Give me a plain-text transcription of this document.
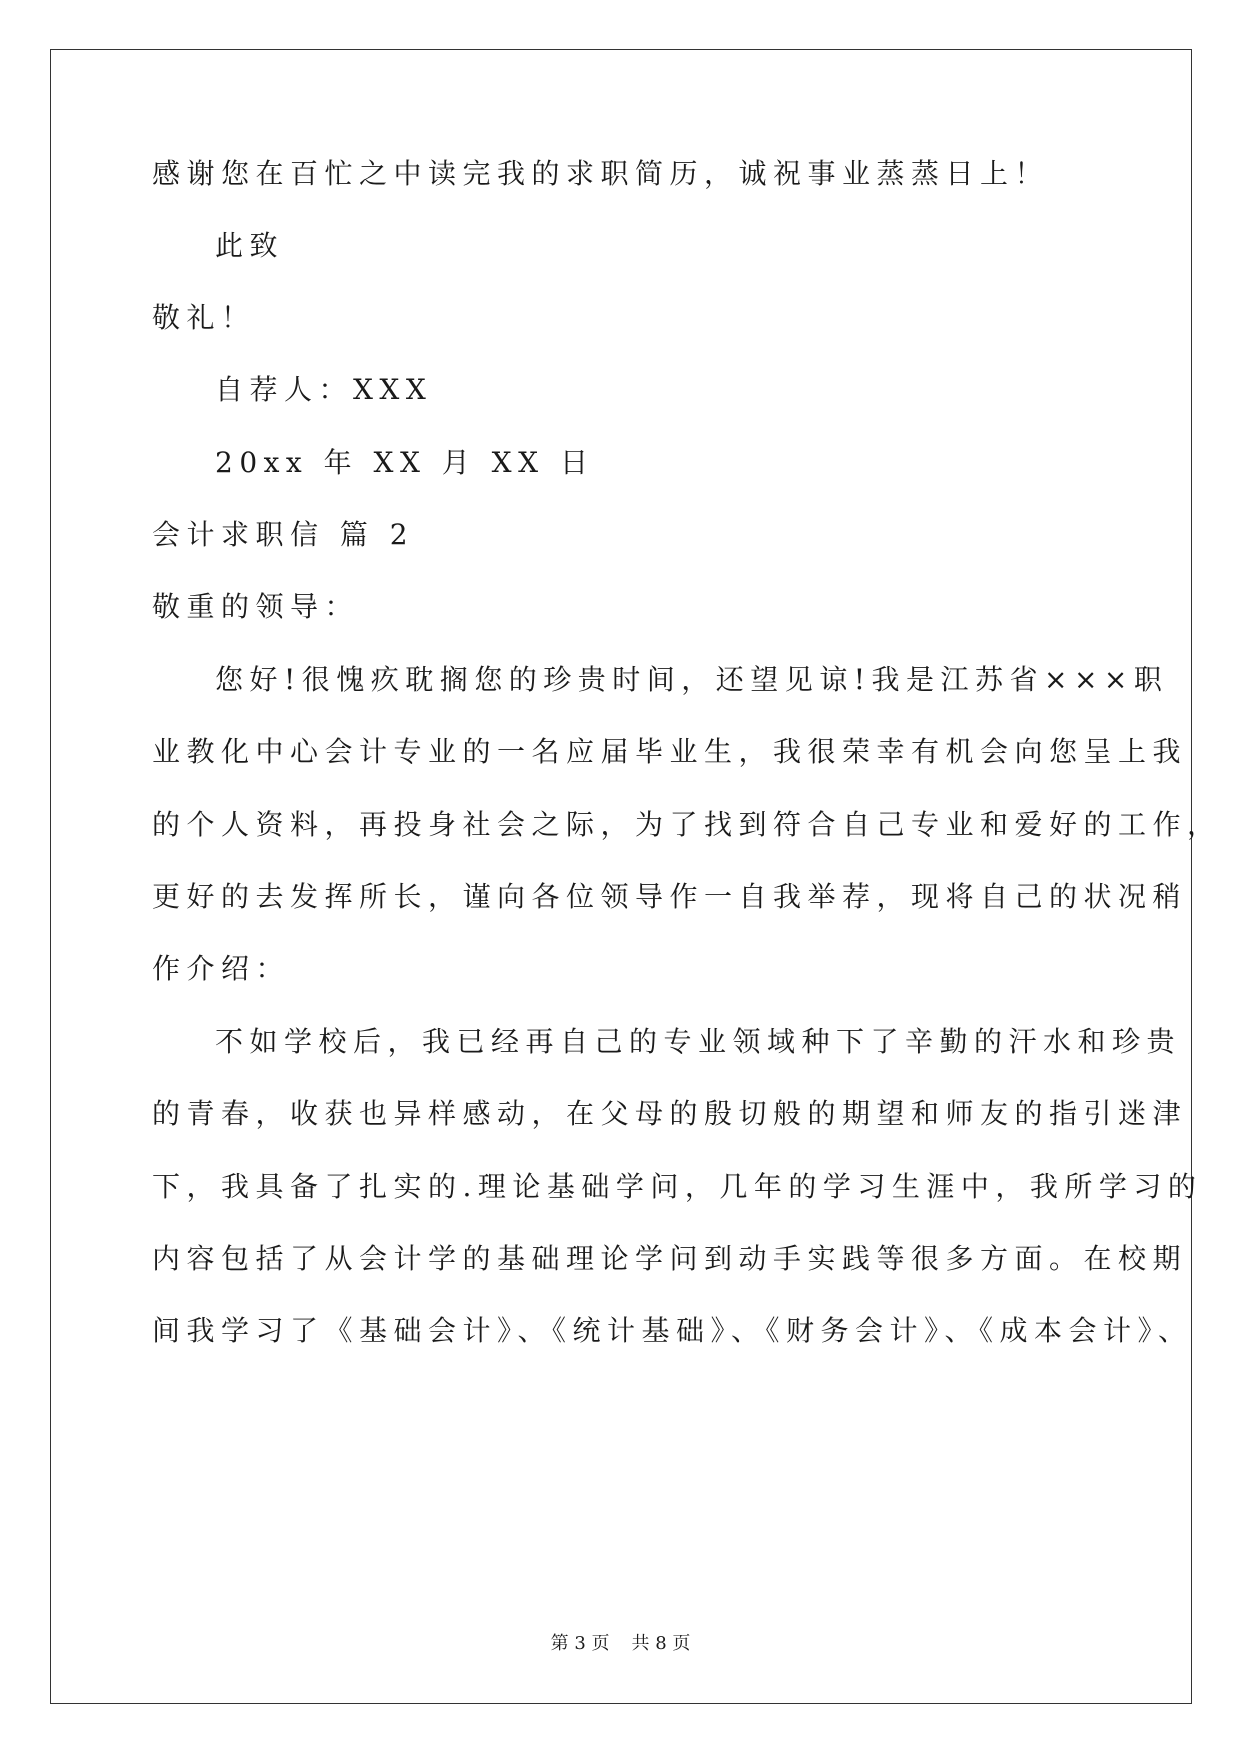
感谢您在百忙之中读完我的求职简历，诚祝事业蒸蒸日上！
此致
敬礼！
自荐人：XXX
20xx 年 XX 月 XX 日
会计求职信 篇 2
敬重的领导：
您好!很愧疚耽搁您的珍贵时间，还望见谅!我是江苏省×××职
业教化中心会计专业的一名应届毕业生，我很荣幸有机会向您呈上我
的个人资料，再投身社会之际，为了找到符合自己专业和爱好的工作，
更好的去发挥所长，谨向各位领导作一自我举荐，现将自己的状况稍
作介绍：
不如学校后，我已经再自己的专业领域种下了辛勤的汗水和珍贵
的青春，收获也异样感动，在父母的殷切般的期望和师友的指引迷津
下，我具备了扎实的.理论基础学问，几年的学习生涯中，我所学习的
内容包括了从会计学的基础理论学问到动手实践等很多方面。在校期
间我学习了《基础会计》、《统计基础》、《财务会计》、《成本会计》、
第 3 页 共 8 页
